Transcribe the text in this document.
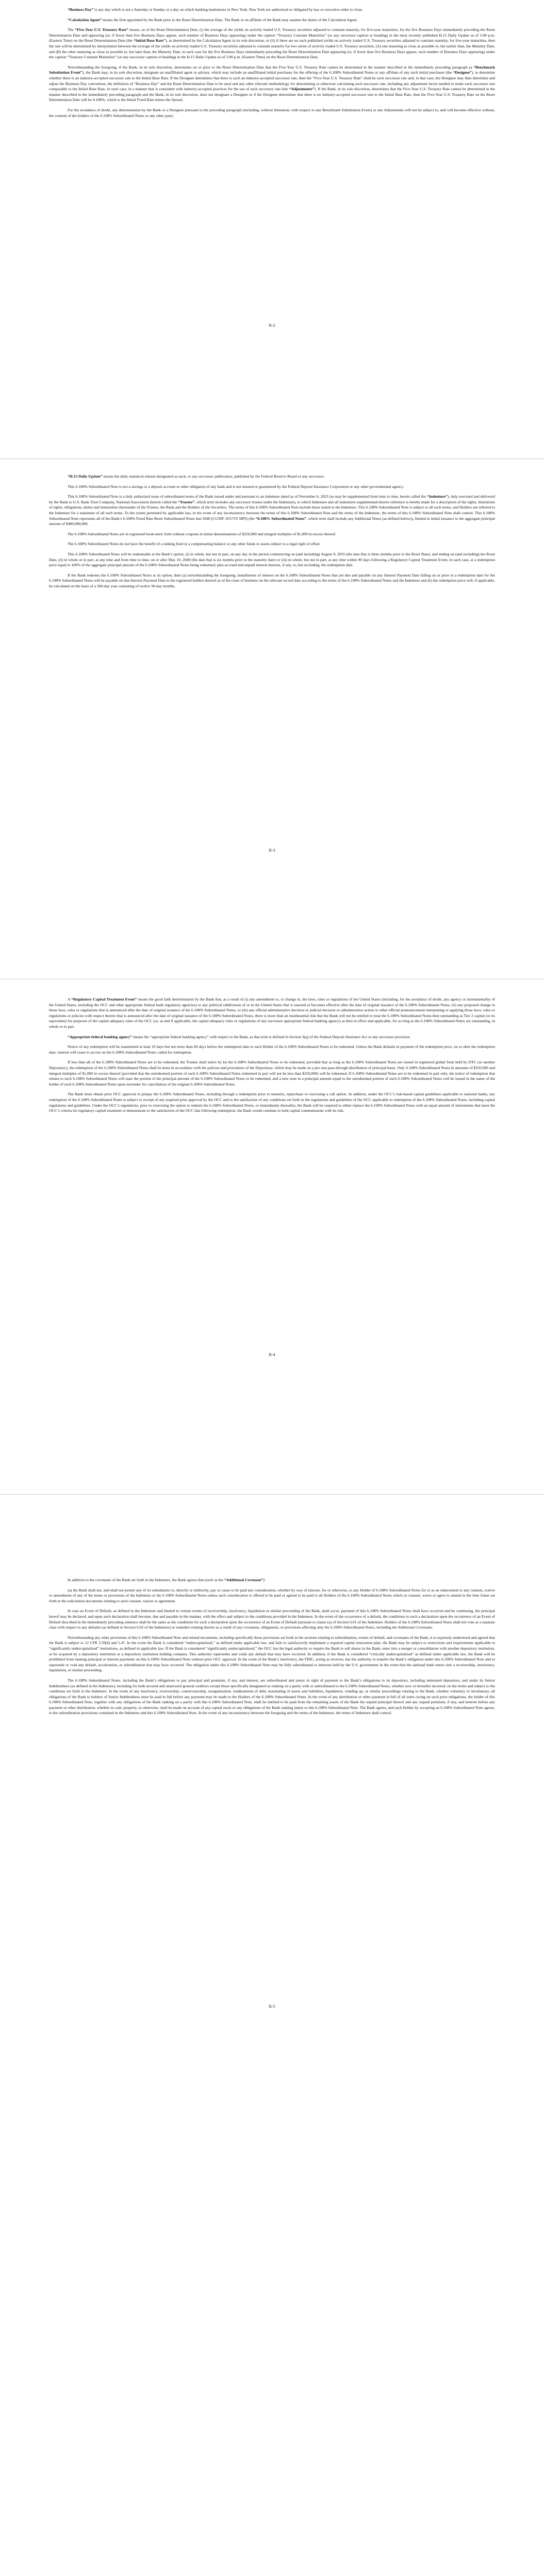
“Business Day” is any day which is not a Saturday or Sunday or a day on which banking institutions in New York, New York are authorized or obligated by law or executive order to close.

“Calculation Agent” means the firm appointed by the Bank prior to the Reset Determination Date. The Bank or an affiliate of the Bank may assume the duties of the Calculation Agent.

The “Five-Year U.S. Treasury Rate” means, as of the Reset Determination Date, (i) the average of the yields on actively traded U.S. Treasury securities adjusted to constant maturity, for five-year maturities, for the five Business Days immediately preceding the Reset Determination Date and appearing (or, if fewer than five Business Days appear, such number of Business Days appearing) under the caption “Treasury Constant Maturities” (or any successor caption or heading) in the most recently published H.15 Daily Update as of 5:00 p.m. (Eastern Time) on the Reset Determination Date (the “Initial Base Rate”), as determined by the Calculation Agent in its sole discretion, or (ii) if there are no such published yields on actively traded U.S. Treasury securities adjusted to constant maturity, for five-year maturities, then the rate will be determined by interpolation between the average of the yields on actively traded U.S. Treasury securities adjusted to constant maturity for two series of actively traded U.S. Treasury securities, (A) one maturing as close as possible to, but earlier than, the Maturity Date, and (B) the other maturing as close as possible to, but later than, the Maturity Date, in each case for the five Business Days immediately preceding the Reset Determination Date appearing (or, if fewer than five Business Days appear, such number of Business Days appearing) under the caption “Treasury Constant Maturities” (or any successor caption or heading) in the H.15 Daily Update as of 5:00 p.m. (Eastern Time) on the Reset Determination Date.

Notwithstanding the foregoing, if the Bank, in its sole discretion, determines on or prior to the Reset Determination Date that the Five-Year U.S. Treasury Rate cannot be determined in the manner described in the immediately preceding paragraph (a “Benchmark Substitution Event”), the Bank may, in its sole discretion, designate an unaffiliated agent or advisor, which may include an unaffiliated initial purchaser for the offering of the 6.108% Subordinated Notes or any affiliate of any such initial purchaser (the “Designee”), to determine whether there is an industry-accepted successor rate to the Initial Base Rate. If the Designee determines that there is such an industry-accepted successor rate, then the “Five-Year U.S. Treasury Rate” shall be such successor rate and, in that case, the Designee may then determine and adjust the Business Day convention, the definition of “Business Day” and the Reset Determination Date to be used and any other relevant methodology for determining or otherwise calculating such successor rate, including any adjustment factor needed to make such successor rate comparable to the Initial Base Rate, in each case, in a manner that is consistent with industry-accepted practices for the use of such successor rate (the “Adjustments”). If the Bank, in its sole discretion, determines that the Five-Year U.S. Treasury Rate cannot be determined in the manner described in the immediately preceding paragraph and the Bank, in its sole discretion, does not designate a Designee or if the Designee determines that there is no industry-accepted successor rate to the Initial Base Rate, then the Five-Year U.S. Treasury Rate on the Reset Determination Date will be 4.108%, which is the Initial Fixed Rate minus the Spread.

For the avoidance of doubt, any determination by the Bank or a Designee pursuant to the preceding paragraph (including, without limitation, with respect to any Benchmark Substitution Event) or any Adjustments will not be subject to, and will become effective without, the consent of the holders of the 6.108% Subordinated Notes or any other party.

R-2

“H.15 Daily Update” means the daily statistical release designated as such, or any successor publication, published by the Federal Reserve Board or any successor.

This 6.108% Subordinated Note is not a savings or a deposit account or other obligation of any bank and is not insured or guaranteed by the Federal Deposit Insurance Corporation or any other governmental agency.

This 6.108% Subordinated Note is a duly authorized issue of subordinated notes of the Bank issued under and pursuant to an indenture dated as of November 6, 2023 (as may be supplemented from time to time, herein called the “Indenture”), duly executed and delivered by the Bank to U.S. Bank Trust Company, National Association (herein called the “Trustee”, which term includes any successor trustee under the Indenture), to which Indenture and all indentures supplemental thereto reference is hereby made for a description of the rights, limitations of rights, obligations, duties and immunities thereunder of the Trustee, the Bank and the Holders of the Securities. The terms of this 6.108% Subordinated Note include those stated in the Indenture. This 6.108% Subordinated Note is subject to all such terms, and Holders are referred to the Indenture for a statement of all such terms. To the extent permitted by applicable law, in the event of any inconsistency between the terms of this 6.108% Subordinated Note and the terms of the Indenture, the terms of this 6.108% Subordinated Note shall control. This 6.108% Subordinated Note represents all of the Bank’s 6.108% Fixed Rate Reset Subordinated Notes due 2040 (CUSIP: 05572V HP0) (the “6.108% Subordinated Notes”, which term shall include any Additional Notes (as defined below)), limited in initial issuance to the aggregate principal amount of $400,000,000.

The 6.108% Subordinated Notes are in registered book-entry form without coupons in initial denominations of $250,000 and integral multiples of $1,000 in excess thereof.

The 6.108% Subordinated Notes do not have the benefit of a sinking fund or a compensating balance or any other funds or assets subject to a legal right of offset.

This 6.108% Subordinated Notes will be redeemable at the Bank’s option, (i) in whole, but not in part, on any day in the period commencing on (and including) August 9, 2035 (the date that is three months prior to the Reset Date), and ending on (and including) the Reset Date, (ii) in whole or in part, at any time and from time to time, on or after May 10, 2040 (the date that is six months prior to the maturity date) or (iii) in whole, but not in part, at any time within 90 days following a Regulatory Capital Treatment Event, in each case, at a redemption price equal to 100% of the aggregate principal amount of the 6.108% Subordinated Notes being redeemed, plus accrued and unpaid interest thereon, if any, to, but excluding, the redemption date.

If the Bank redeems the 6.108% Subordinated Notes at its option, then (a) notwithstanding the foregoing, installments of interest on the 6.108% Subordinated Notes that are due and payable on any Interest Payment Date falling on or prior to a redemption date for the 6.108% Subordinated Notes will be payable on that Interest Payment Date to the registered holders thereof as of the close of business on the relevant record date according to the terms of the 6.108% Subordinated Notes and the Indenture and (b) the redemption price will, if applicable, be calculated on the basis of a 360-day year consisting of twelve 30-day months.

R-3

A “Regulatory Capital Treatment Event” means the good faith determination by the Bank that, as a result of (i) any amendment to, or change in, the laws, rules or regulations of the United States (including, for the avoidance of doubt, any agency or instrumentality of the United States, including the OCC and other appropriate federal bank regulatory agencies) or any political subdivision of or in the United States that is enacted or becomes effective after the date of original issuance of the 6.108% Subordinated Notes, (ii) any proposed change in those laws, rules or regulations that is announced after the date of original issuance of the 6.108% Subordinated Notes, or (iii) any official administrative decision or judicial decision or administrative action or other official pronouncement interpreting or applying those laws, rules or regulations or policies with respect thereto that is announced after the date of original issuance of the 6.108% Subordinated Notes, there is more than an insubstantial risk that the Bank will not be entitled to treat the 6.108% Subordinated Notes then outstanding as Tier 2 capital (or its equivalent) for purposes of the capital adequacy rules of the OCC (or, as and if applicable, the capital adequacy rules or regulations of any successor appropriate federal banking agency) as then in effect and applicable, for so long as the 6.108% Subordinated Notes are outstanding, in whole or in part.

“Appropriate federal banking agency” means the “appropriate federal banking agency” with respect to the Bank, as that term is defined in Section 3(q) of the Federal Deposit Insurance Act or any successor provision.

Notice of any redemption will be transmitted at least 10 days but not more than 60 days before the redemption date to each Holder of the 6.108% Subordinated Notes to be redeemed. Unless the Bank defaults in payment of the redemption price, on or after the redemption date, interest will cease to accrue on the 6.108% Subordinated Notes called for redemption.

If less than all of the 6.108% Subordinated Notes are to be redeemed, the Trustee shall select by lot the 6.108% Subordinated Notes to be redeemed, provided that as long as the 6.108% Subordinated Notes are issued in registered global form held by DTC (or another Depositary), the redemption of the 6.108% Subordinated Notes shall be done in accordance with the policies and procedures of the Depositary, which may be made on a pro rata pass-through distribution of principal basis. Only 6.108% Subordinated Notes in amounts of $250,000 and integral multiples of $1,000 in excess thereof (provided that the unredeemed portion of such 6.108% Subordinated Notes redeemed in part will not be less than $250,000) will be redeemed. If 6.108% Subordinated Notes are to be redeemed in part only, the notice of redemption that relates to such 6.108% Subordinated Notes will state the portion of the principal amount of the 6.108% Subordinated Notes to be redeemed, and a new note in a principal amount equal to the unredeemed portion of such 6.108% Subordinated Notes will be issued in the name of the holder of such 6.108% Subordinated Notes upon surrender for cancellation of the original 6.108% Subordinated Notes.

The Bank must obtain prior OCC approval to prepay the 6.108% Subordinated Notes, including through a redemption prior to maturity, repurchase or exercising a call option. In addition, under the OCC’s risk-based capital guidelines applicable to national banks, any redemption of the 6.108% Subordinated Notes is subject to receipt of any required prior approval by the OCC and to the satisfaction of any conditions set forth in the regulations and guidelines of the OCC applicable to redemption of the 6.108% Subordinated Notes, including capital regulations and guidelines. Under the OCC’s regulations, prior to exercising the option to redeem the 6.108% Subordinated Notes, or immediately thereafter, the Bank will be required to either replace the 6.108% Subordinated Notes with an equal amount of instruments that meet the OCC’s criteria for regulatory capital treatment or demonstrate to the satisfaction of the OCC that following redemption, the Bank would continue to hold capital commensurate with its risk.

R-4

In addition to the covenants of the Bank set forth in the Indenture, the Bank agrees that (such as the “Additional Covenant”):

(a) the Bank shall not, and shall not permit any of its subsidiaries to, directly or indirectly, pay or cause to be paid any consideration, whether by way of interest, fee or otherwise, to any Holder of 6.108% Subordinated Notes for or as an inducement to any consent, waiver or amendment of any of the terms or provisions of the Indenture or the 6.108% Subordinated Notes unless such consideration is offered to be paid or agreed to be paid to all Holders of the 6.108% Subordinated Notes which so consent, waive or agree to amend in the time frame set forth in the solicitation documents relating to such consent, waiver or agreement.

In case an Event of Default, as defined in the Indenture and limited to certain events of receivership, insolvency, liquidation or similar proceeding of the Bank, shall occur, payment of this 6.108% Subordinated Notes shall have occurred and be continuing, the principal hereof may be declared, and upon such declaration shall become, due and payable in the manner, with the effect and subject to the conditions provided in the Indenture. In the event of the occurrence of a default, the conditions to such a declaration upon the occurrence of an Event of Default described in the immediately preceding sentence shall be the same as the conditions for such a declaration upon the occurrence of an Event of Default pursuant to clause (a) of Section 6.01 of the Indenture. Holders of the 6.108% Subordinated Notes shall not vote as a separate class with respect to any defaults (as defined in Section 6.02 of the Indenture) or remedies relating thereto as a result of any covenants, obligations, or provisions affecting only the 6.108% Subordinated Notes, including the Additional Covenants.

Notwithstanding any other provisions of this 6.108% Subordinated Note and related documents, including specifically those provisions set forth in the sections relating to subordination, events of default, and covenants of the Bank, it is expressly understood and agreed that the Bank is subject to 12 CFR 3.20(d) and 5.47. In the event the Bank is considered “undercapitalized,” as defined under applicable law, and fails to satisfactorily implement a required capital restoration plan, the Bank may be subject to restrictions and requirements applicable to “significantly undercapitalized” institutions, as defined in applicable law. If the Bank is considered “significantly undercapitalized,” the OCC has the legal authority to require the Bank to sell shares in the Bank, enter into a merger or consolidation with another depository institution, or be acquired by a depository institution or a depository institution holding company. This authority supersedes and voids any default that may have occurred. In addition, if the Bank is considered “critically undercapitalized” as defined under applicable law, the Bank will be prohibited from making principal or interest payments on this 6.108% Subordinated Note without prior OCC approval. In the event of the Bank’s insolvency, the FDIC, acting as receiver, has the authority to transfer the Bank’s obligation under this 6.108% Subordinated Note and to supersede or void any default, acceleration, or subordination that may have occurred. The obligation under this 6.108% Subordinated Note may be fully subordinated to interests held by the U.S. government in the event that the national bank enters into a receivership, insolvency, liquidation, or similar proceeding.

The 6.108% Subordinated Notes, including the Bank’s obligations to pay principal and premium, if any, and interest, are subordinated and junior in right of payment to the Bank’s obligations to its depositors, including uninsured depositors, and under its Senior Indebtedness (as defined in the Indenture), including for both secured and unsecured general creditors except those specifically designated as ranking on a parity with or subordinated to the 6.108% Subordinated Notes, whether now or hereafter incurred, on the terms and subject to the conditions set forth in the Indenture. In the event of any insolvency, receivership, conservatorship, reorganization, readjustment of debt, marshaling of assets and liabilities, liquidation, winding up, or similar proceedings relating to the Bank, whether voluntary or involuntary, all obligations of the Bank to holders of Senior Indebtedness must be paid in full before any payment may be made to the Holders of the 6.108% Subordinated Notes. In the event of any distribution or other payment in full of all sums owing on such prior obligations, the holder of this 6.108% Subordinated Note, together with any obligations of the Bank ranking on a parity with this 6.108% Subordinated Note, shall be entitled to be paid from the remaining assets of the Bank the unpaid principal thereof and any unpaid premium, if any, and interest before any payment or other distribution, whether in cash, property, or otherwise, shall be made on account of any capital stock or any obligations of the Bank ranking junior to this 6.108% Subordinated Note. The Bank agrees, and each Holder by accepting an 6.108% Subordinated Note agrees, to the subordination provisions contained in the Indenture and this 6.108% Subordinated Note. In the event of any inconsistency between the foregoing and the terms of the Indenture, the terms of Indenture shall control.

R-5
